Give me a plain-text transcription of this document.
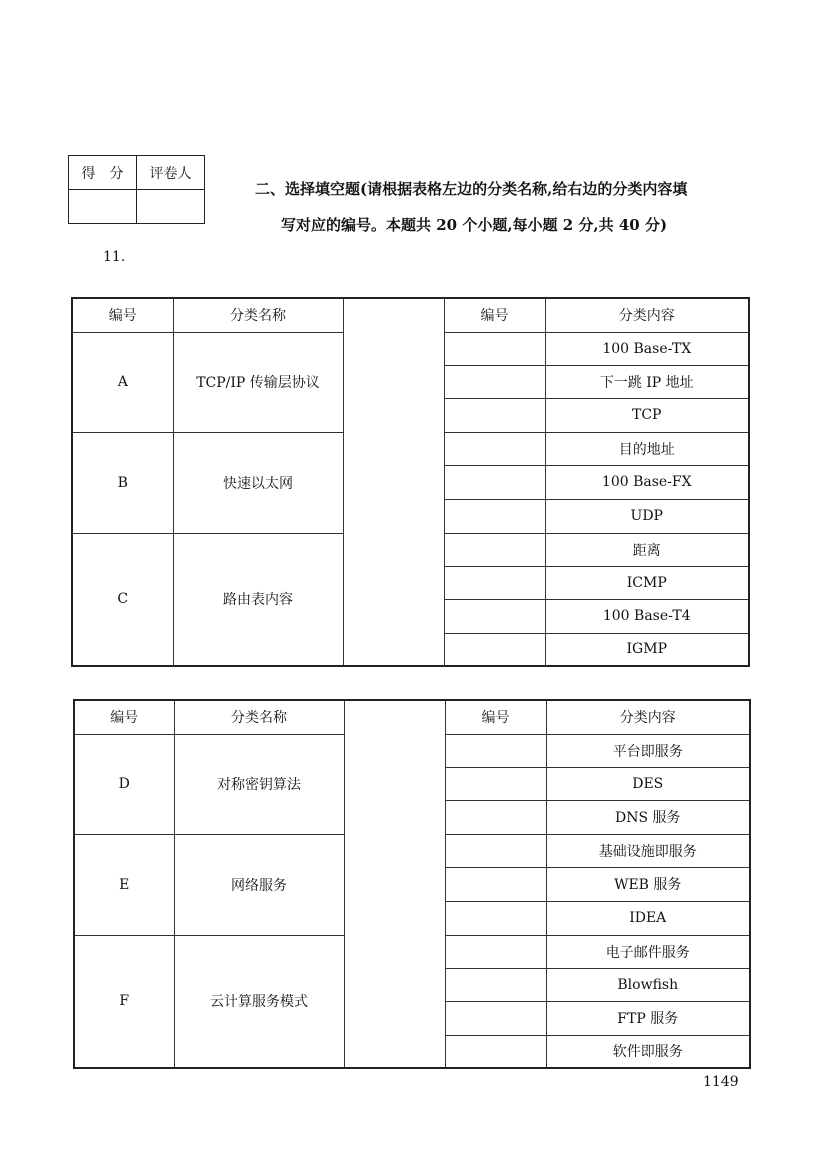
得　分	评卷人

二、选择填空题(请根据表格左边的分类名称,给右边的分类内容填
写对应的编号。本题共 20 个小题,每小题 2 分,共 40 分)
11.
编号	分类名称		编号	分类内容
A	TCP/IP 传输层协议			100 Base-TX
				下一跳 IP 地址
				TCP
B	快速以太网			目的地址
				100 Base-FX
				UDP
C	路由表内容			距离
				ICMP
				100 Base-T4
				IGMP
编号	分类名称		编号	分类内容
D	对称密钥算法			平台即服务
				DES
				DNS 服务
E	网络服务			基础设施即服务
				WEB 服务
				IDEA
F	云计算服务模式			电子邮件服务
				Blowfish
				FTP 服务
				软件即服务
1149
